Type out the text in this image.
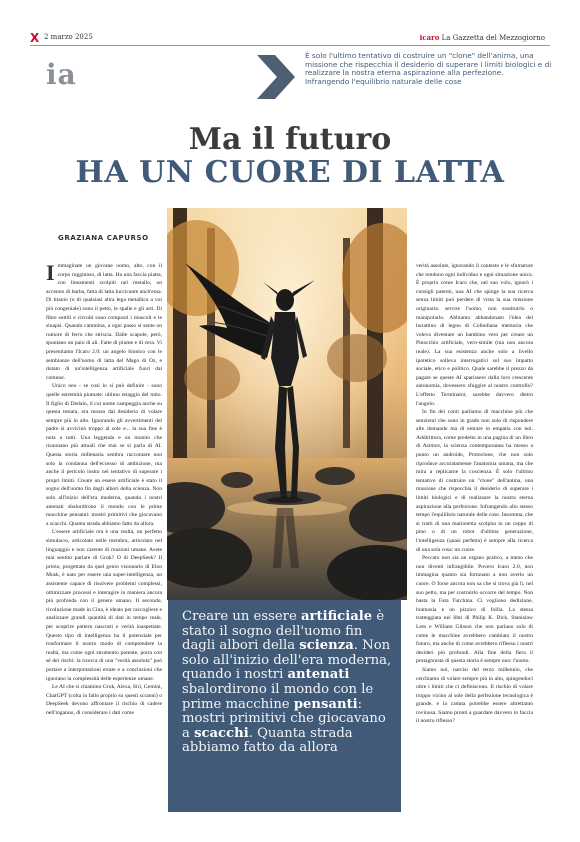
X 2 marzo 2025	icaro La Gazzetta del Mezzogiorno
ia

È solo l'ultimo tentativo di costruire un "clone" dell'anima, una missione che rispecchia il desiderio di superare i limiti biologici e di realizzare la nostra eterna aspirazione alla perfezione.

Infrangendo l'equilibrio naturale delle cose

Ma il futuro
HA UN CUORE DI LATTA
GRAZIANA CAPURSO

Immaginate un giovane uomo, alto, con il corpo rugginoso, di latta. Ha una faccia piatta, con lineamenti scolpiti nel metallo, un accenno di barba, fatta di latta luccicante anch'essa. Di titanio (o di qualsiasi altra lega metallica a voi più congeniale) sono il petto, le spalle e gli arti. Di fibre sottili e circuiti sono composti i muscoli e le sinapsi. Quando cammina, a ogni passo si sente un rumore di ferro che striscia. Dalle scapole, però, spuntano un paio di ali. Fatte di piume e di cera. Vi presentiamo l'Icaro 2.0: un angelo bionico con le sembianze dell'uomo di latta del Mago di Oz, e dotato di un'intelligenza artificiale fuori dal comune.

Unico neo - se così lo si può definire - sono quelle estremità piumate: ultimo retaggio del mito. Il figlio di Dedalo, il cui nome campeggia anche su questa testata, era mosso dal desiderio di volare sempre più in alto. Ignorando gli avvertimenti del padre si avvicinò troppo al sole e... la sua fine è nota a tutti. Una leggenda e un monito che risuonano più attuali che mai se si parla di AI. Questa storia millenaria sembra raccontare non solo la condanna dell'eccesso di ambizione, ma anche il pericolo insito nel tentativo di superare i propri limiti. Creare un essere artificiale è stato il sogno dell'uomo fin dagli albori della scienza. Non solo all'inizio dell'era moderna, quando i nostri antenati sbalordirono il mondo con le prime macchine pensanti: mostri primitivi che giocavano a scacchi. Quanta strada abbiamo fatto da allora.

L'essere artificiale ora è una realtà, un perfetto simulacro, articolato nelle membra, articolato nel linguaggio e non carente di reazioni umane. Avete mai sentito parlare di Grok? O di DeepSeek? Il primo, progettato da quel genio visionario di Elon Musk, è nato per essere una super-intelligenza, un assistente capace di risolvere problemi complessi, ottimizzare processi e interagire in maniera ancora più profonda con il genere umano. Il secondo, rivoluzione made in Cina, è ideato per raccogliere e analizzare grandi quantità di dati in tempo reale, per scoprire pattern nascosti e verità inaspettate. Questo tipo di intelligenza ha il potenziale per trasformare il nostro modo di comprendere la realtà, ma come ogni strumento potente, porta con sé dei rischi: la ricerca di una "verità assoluta" può portare a interpretazioni errate e a conclusioni che ignorano la complessità delle esperienze umane.

Le AI che si chiamino Grok, Alexa, Siri, Gemini, ChatGPT (colta in fallo proprio su questi scranni) o DeepSeek devono affrontare il rischio di cadere nell'inganno, di considerare i dati come

verità assolute, ignorando il contesto e le sfumature che rendono ogni individuo e ogni situazione unica. È proprio come Icaro che, nel suo volo, ignorò i consigli paterni, una AI che spinge la sua ricerca senza limiti può perdere di vista la sua missione originaria: servire l'uomo, non sostituirlo o manipolarlo. Abbiamo abbandonato l'idea del burattino di legno di Collodiana memoria che voleva diventare un bambino vero per creare un Pinocchio artificiale, vero-simile (ma non ancora reale). La sua esistenza anche solo a livello ipotetico solleva interrogativi sul suo impatto sociale, etico e politico. Quale sarebbe il prezzo da pagare se queste AI sparissero dalla loro crescente autonomia, dovessero sfuggire al nostro controllo? L'effetto Terminator, sarebbe davvero dietro l'angolo.

In fin dei conti parliamo di macchine più che senzienti che sono in grado non solo di rispondere alle domande ma di entrare in empatia con noi. Addirittura, come predetto in una pagina di un libro di Asimov, la scienza contemporanea ha messo a punto un androide, Protoclone, che non solo riproduce accuratamente l'anatomia umana, ma che mira a replicarne la coscienza. È solo l'ultimo tentativo di costruire un "clone" dell'anima, una missione che rispecchia il desiderio di superare i limiti biologici e di realizzare la nostra eterna aspirazione alla perfezione. Infrangendo allo stesso tempo l'equilibrio naturale delle cose. Insomma, che si tratti di una marionetta scolpita in un ceppo di pino o di un robot d'ultima generazione, l'intelligenza (quasi perfetta) è sempre alla ricerca di una sola cosa: un cuore.

Peccato non sia un organo pratico, a meno che non diventi infrangibile. Povero Icaro 2.0, non immagina quanto sia fortunato a non averlo un cuore. O forse ancora non sa che si trova già lì, nel suo petto, ma per costruirlo occorre del tempo. Non basta la Fata Turchina. Ci vogliono dedizione, bramosia e un pizzico di follia. La stessa tratteggiata nei libri di Philip K. Dick, Stanislaw Lem e William Gibson che non parlano solo di come le macchine avrebbero cambiato il nostro futuro, ma anche di come avrebbero riflesso i nostri desideri più profondi. Alla fine della fiera il protagonista di questa storia è sempre uno: l'uomo.

Siamo noi, narcisi del terzo millennio, che cerchiamo di volare sempre più in alto, spingendoci oltre i limiti che ci definiscono. Il rischio di volare troppo vicino al sole della perfezione tecnologica è grande, e la caduta potrebbe essere altrettanto rovinosa. Siamo pronti a guardare davvero in faccia il nostro riflesso?

Creare un essere artificiale è stato il sogno dell'uomo fin dagli albori della scienza. Non solo all'inizio dell'era moderna, quando i nostri antenati sbalordirono il mondo con le prime macchine pensanti: mostri primitivi che giocavano a scacchi. Quanta strada abbiamo fatto da allora
